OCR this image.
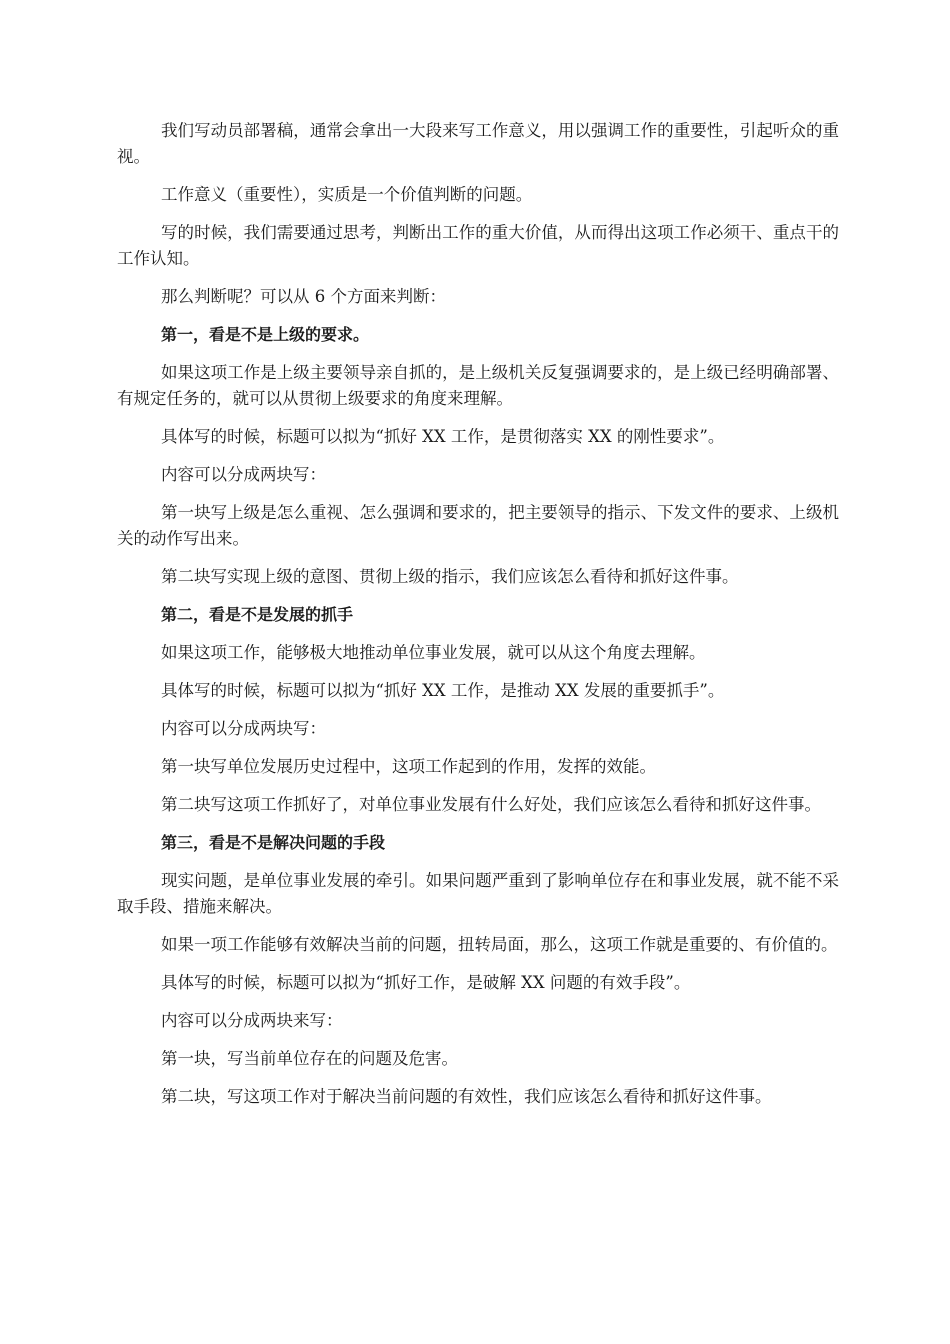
我们写动员部署稿，通常会拿出一大段来写工作意义，用以强调工作的重要性，引起听众的重视。

工作意义（重要性），实质是一个价值判断的问题。

写的时候，我们需要通过思考，判断出工作的重大价值，从而得出这项工作必须干、重点干的工作认知。

那么判断呢？可以从 6 个方面来判断：

第一，看是不是上级的要求。

如果这项工作是上级主要领导亲自抓的，是上级机关反复强调要求的，是上级已经明确部署、有规定任务的，就可以从贯彻上级要求的角度来理解。

具体写的时候，标题可以拟为“抓好 XX 工作，是贯彻落实 XX 的刚性要求”。

内容可以分成两块写：

第一块写上级是怎么重视、怎么强调和要求的，把主要领导的指示、下发文件的要求、上级机关的动作写出来。

第二块写实现上级的意图、贯彻上级的指示，我们应该怎么看待和抓好这件事。

第二，看是不是发展的抓手

如果这项工作，能够极大地推动单位事业发展，就可以从这个角度去理解。

具体写的时候，标题可以拟为“抓好 XX 工作，是推动 XX 发展的重要抓手”。

内容可以分成两块写：

第一块写单位发展历史过程中，这项工作起到的作用，发挥的效能。

第二块写这项工作抓好了，对单位事业发展有什么好处，我们应该怎么看待和抓好这件事。

第三，看是不是解决问题的手段

现实问题，是单位事业发展的牵引。如果问题严重到了影响单位存在和事业发展，就不能不采取手段、措施来解决。

如果一项工作能够有效解决当前的问题，扭转局面，那么，这项工作就是重要的、有价值的。

具体写的时候，标题可以拟为“抓好工作，是破解 XX 问题的有效手段”。

内容可以分成两块来写：

第一块，写当前单位存在的问题及危害。

第二块，写这项工作对于解决当前问题的有效性，我们应该怎么看待和抓好这件事。
